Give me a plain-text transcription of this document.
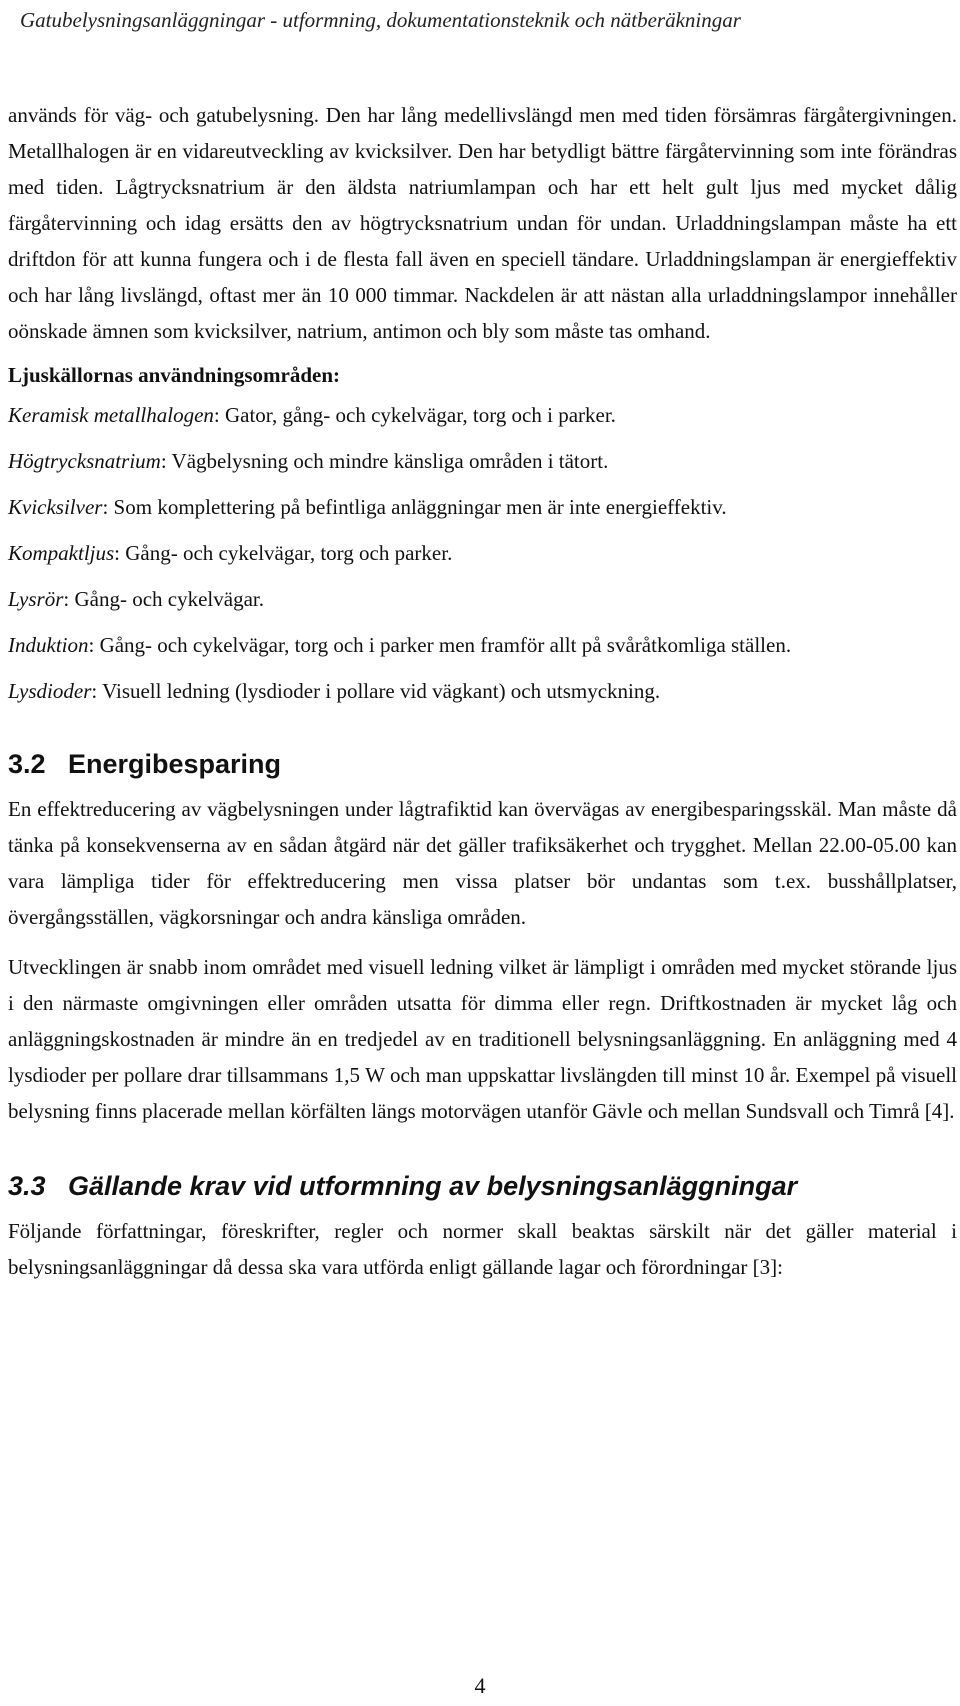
Gatubelysningsanläggningar - utformning, dokumentationsteknik och nätberäkningar

används för väg- och gatubelysning. Den har lång medellivslängd men med tiden försämras färgåtergivningen. Metallhalogen är en vidareutveckling av kvicksilver. Den har betydligt bättre färgåtervinning som inte förändras med tiden. Lågtrycksnatrium är den äldsta natriumlampan och har ett helt gult ljus med mycket dålig färgåtervinning och idag ersätts den av högtrycksnatrium undan för undan. Urladdningslampan måste ha ett driftdon för att kunna fungera och i de flesta fall även en speciell tändare. Urladdningslampan är energieffektiv och har lång livslängd, oftast mer än 10 000 timmar. Nackdelen är att nästan alla urladdningslampor innehåller oönskade ämnen som kvicksilver, natrium, antimon och bly som måste tas omhand.

Ljuskällornas användningsområden:

Keramisk metallhalogen: Gator, gång- och cykelvägar, torg och i parker.

Högtrycksnatrium: Vägbelysning och mindre känsliga områden i tätort.

Kvicksilver: Som komplettering på befintliga anläggningar men är inte energieffektiv.

Kompaktljus: Gång- och cykelvägar, torg och parker.

Lysrör: Gång- och cykelvägar.

Induktion: Gång- och cykelvägar, torg och i parker men framför allt på svåråtkomliga ställen.

Lysdioder: Visuell ledning (lysdioder i pollare vid vägkant) och utsmyckning.

3.2 Energibesparing

En effektreducering av vägbelysningen under lågtrafiktid kan övervägas av energibesparingsskäl. Man måste då tänka på konsekvenserna av en sådan åtgärd när det gäller trafiksäkerhet och trygghet. Mellan 22.00-05.00 kan vara lämpliga tider för effektreducering men vissa platser bör undantas som t.ex. busshållplatser, övergångsställen, vägkorsningar och andra känsliga områden.

Utvecklingen är snabb inom området med visuell ledning vilket är lämpligt i områden med mycket störande ljus i den närmaste omgivningen eller områden utsatta för dimma eller regn. Driftkostnaden är mycket låg och anläggningskostnaden är mindre än en tredjedel av en traditionell belysningsanläggning. En anläggning med 4 lysdioder per pollare drar tillsammans 1,5 W och man uppskattar livslängden till minst 10 år. Exempel på visuell belysning finns placerade mellan körfälten längs motorvägen utanför Gävle och mellan Sundsvall och Timrå [4].

3.3 Gällande krav vid utformning av belysningsanläggningar

Följande författningar, föreskrifter, regler och normer skall beaktas särskilt när det gäller material i belysningsanläggningar då dessa ska vara utförda enligt gällande lagar och förordningar [3]:

4
